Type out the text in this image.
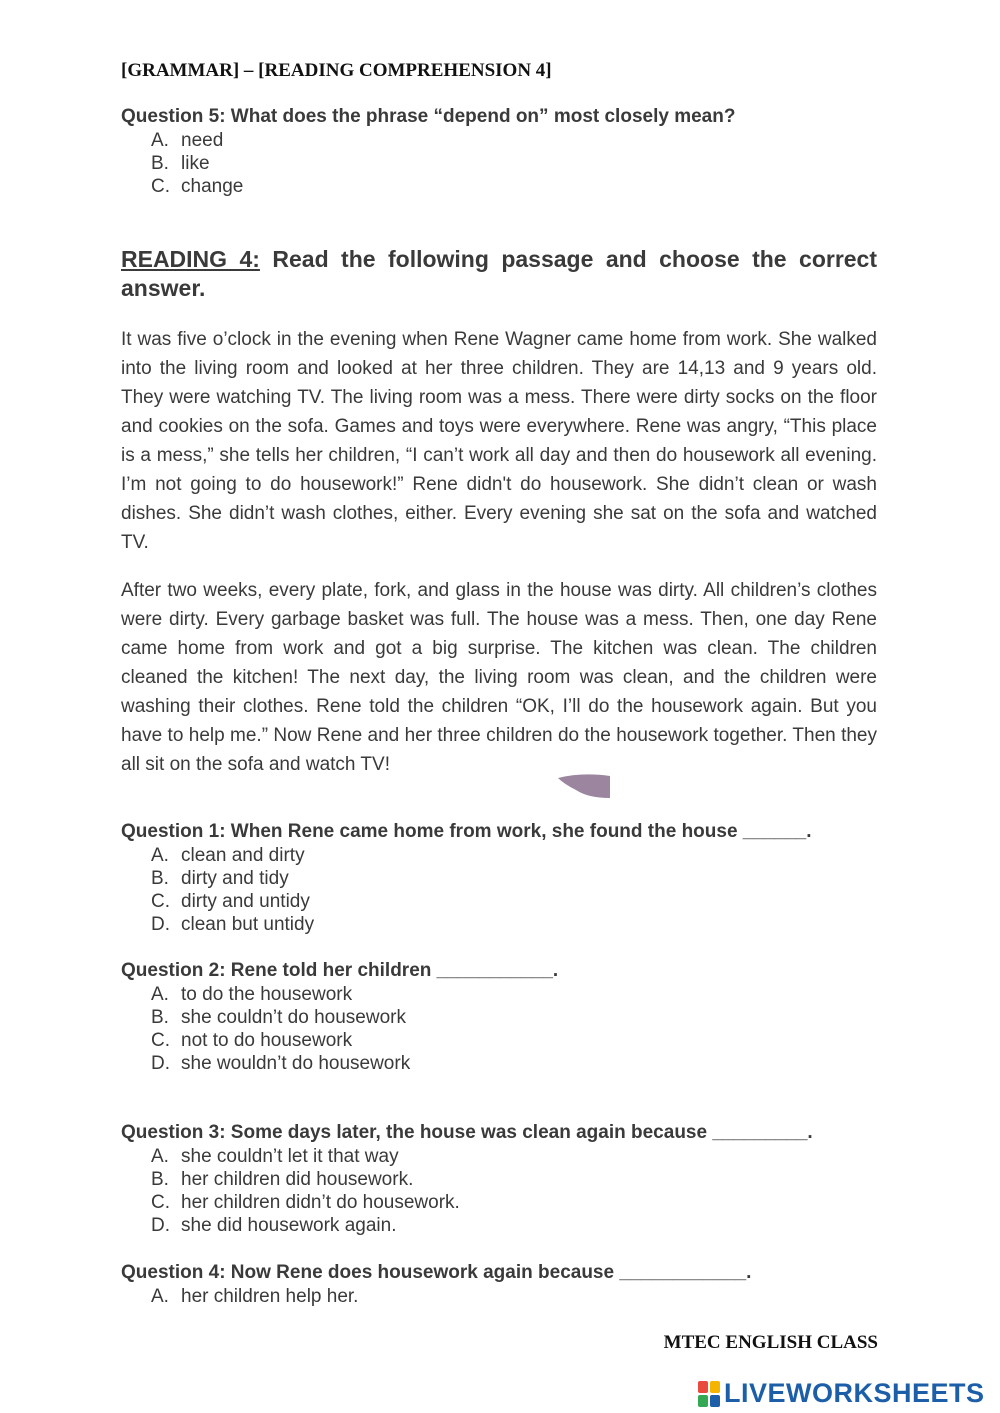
[GRAMMAR] – [READING COMPREHENSION 4]
Question 5: What does the phrase “depend on” most closely mean?
A. need
B. like
C. change
READING 4: Read the following passage and choose the correct answer.
It was five o’clock in the evening when Rene Wagner came home from work. She walked into the living room and looked at her three children. They are 14,13 and 9 years old. They were watching TV. The living room was a mess. There were dirty socks on the floor and cookies on the sofa. Games and toys were everywhere. Rene was angry, “This place is a mess,” she tells her children, “I can’t work all day and then do housework all evening. I’m not going to do housework!” Rene didn't do housework. She didn’t clean or wash dishes. She didn’t wash clothes, either. Every evening she sat on the sofa and watched TV.
After two weeks, every plate, fork, and glass in the house was dirty. All children’s clothes were dirty. Every garbage basket was full. The house was a mess. Then, one day Rene came home from work and got a big surprise. The kitchen was clean. The children cleaned the kitchen! The next day, the living room was clean, and the children were washing their clothes. Rene told the children “OK, I’ll do the housework again. But you have to help me.” Now Rene and her three children do the housework together. Then they all sit on the sofa and watch TV!
Question 1: When Rene came home from work, she found the house ______.
A. clean and dirty
B. dirty and tidy
C. dirty and untidy
D. clean but untidy
Question 2: Rene told her children ___________.
A. to do the housework
B. she couldn’t do housework
C. not to do housework
D. she wouldn’t do housework
Question 3: Some days later, the house was clean again because _________.
A. she couldn’t let it that way
B. her children did housework.
C. her children didn’t do housework.
D. she did housework again.
Question 4: Now Rene does housework again because ____________.
A. her children help her.
MTEC ENGLISH CLASS
LIVEWORKSHEETS
